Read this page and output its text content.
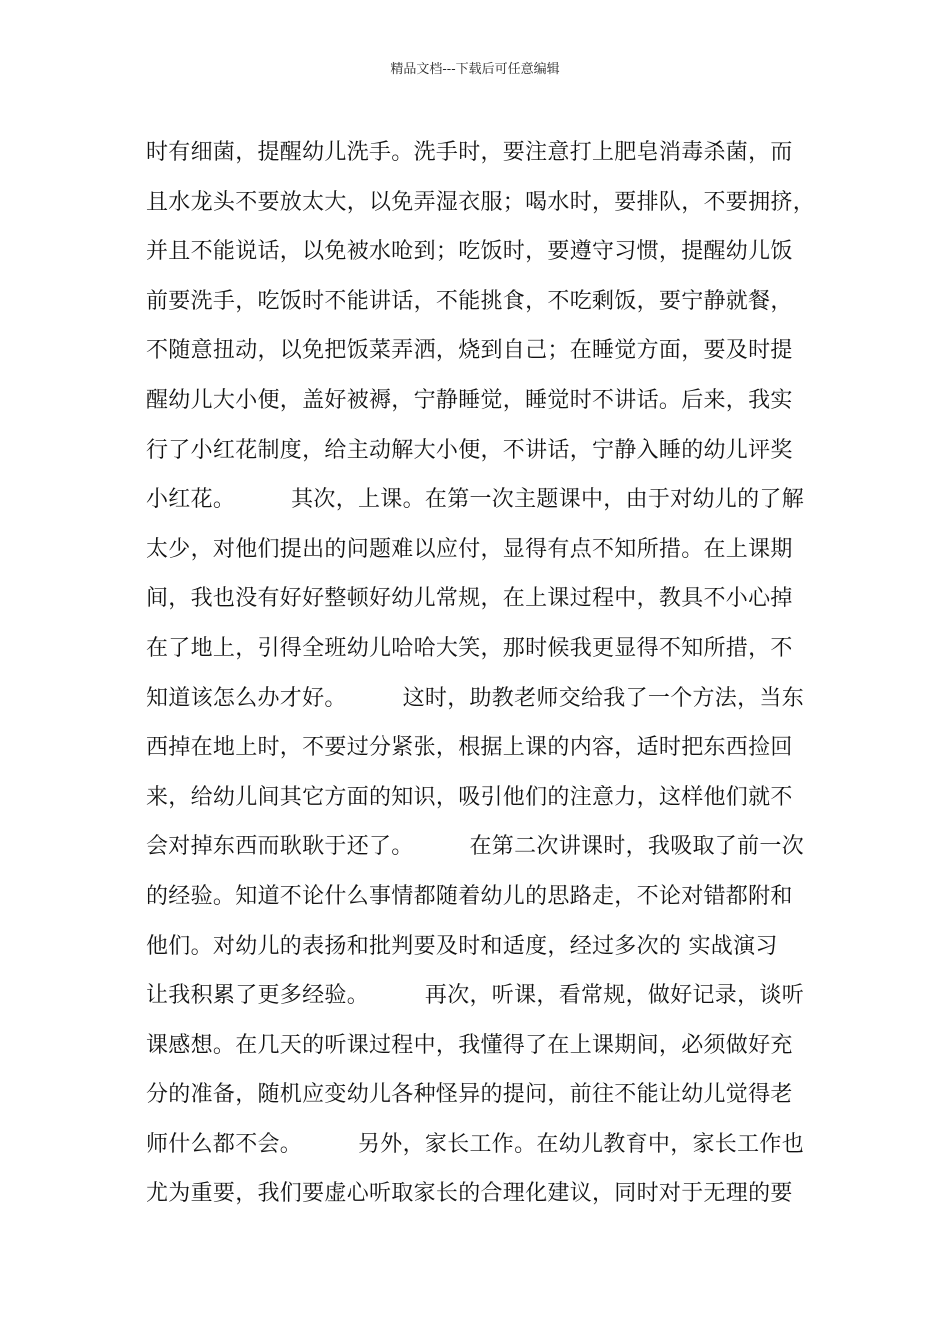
精品文档---下载后可任意编辑
时有细菌，提醒幼儿洗手。洗手时，要注意打上肥皂消毒杀菌，而
且水龙头不要放太大，以免弄湿衣服；喝水时，要排队，不要拥挤，
并且不能说话，以免被水呛到；吃饭时，要遵守习惯，提醒幼儿饭
前要洗手，吃饭时不能讲话，不能挑食，不吃剩饭，要宁静就餐，
不随意扭动，以免把饭菜弄洒，烧到自己；在睡觉方面，要及时提
醒幼儿大小便，盖好被褥，宁静睡觉，睡觉时不讲话。后来，我实
行了小红花制度，给主动解大小便，不讲话，宁静入睡的幼儿评奖
小红花。　　　其次，上课。在第一次主题课中，由于对幼儿的了解
太少，对他们提出的问题难以应付，显得有点不知所措。在上课期
间，我也没有好好整顿好幼儿常规，在上课过程中，教具不小心掉
在了地上，引得全班幼儿哈哈大笑，那时候我更显得不知所措，不
知道该怎么办才好。　　　这时，助教老师交给我了一个方法，当东
西掉在地上时，不要过分紧张，根据上课的内容，适时把东西捡回
来，给幼儿间其它方面的知识，吸引他们的注意力，这样他们就不
会对掉东西而耿耿于还了。　　　在第二次讲课时，我吸取了前一次
的经验。知道不论什么事情都随着幼儿的思路走，不论对错都附和
他们。对幼儿的表扬和批判要及时和适度，经过多次的 实战演习
让我积累了更多经验。　　　再次，听课，看常规，做好记录，谈听
课感想。在几天的听课过程中，我懂得了在上课期间，必须做好充
分的准备，随机应变幼儿各种怪异的提问，前往不能让幼儿觉得老
师什么都不会。　　　另外，家长工作。在幼儿教育中，家长工作也
尤为重要，我们要虚心听取家长的合理化建议，同时对于无理的要
